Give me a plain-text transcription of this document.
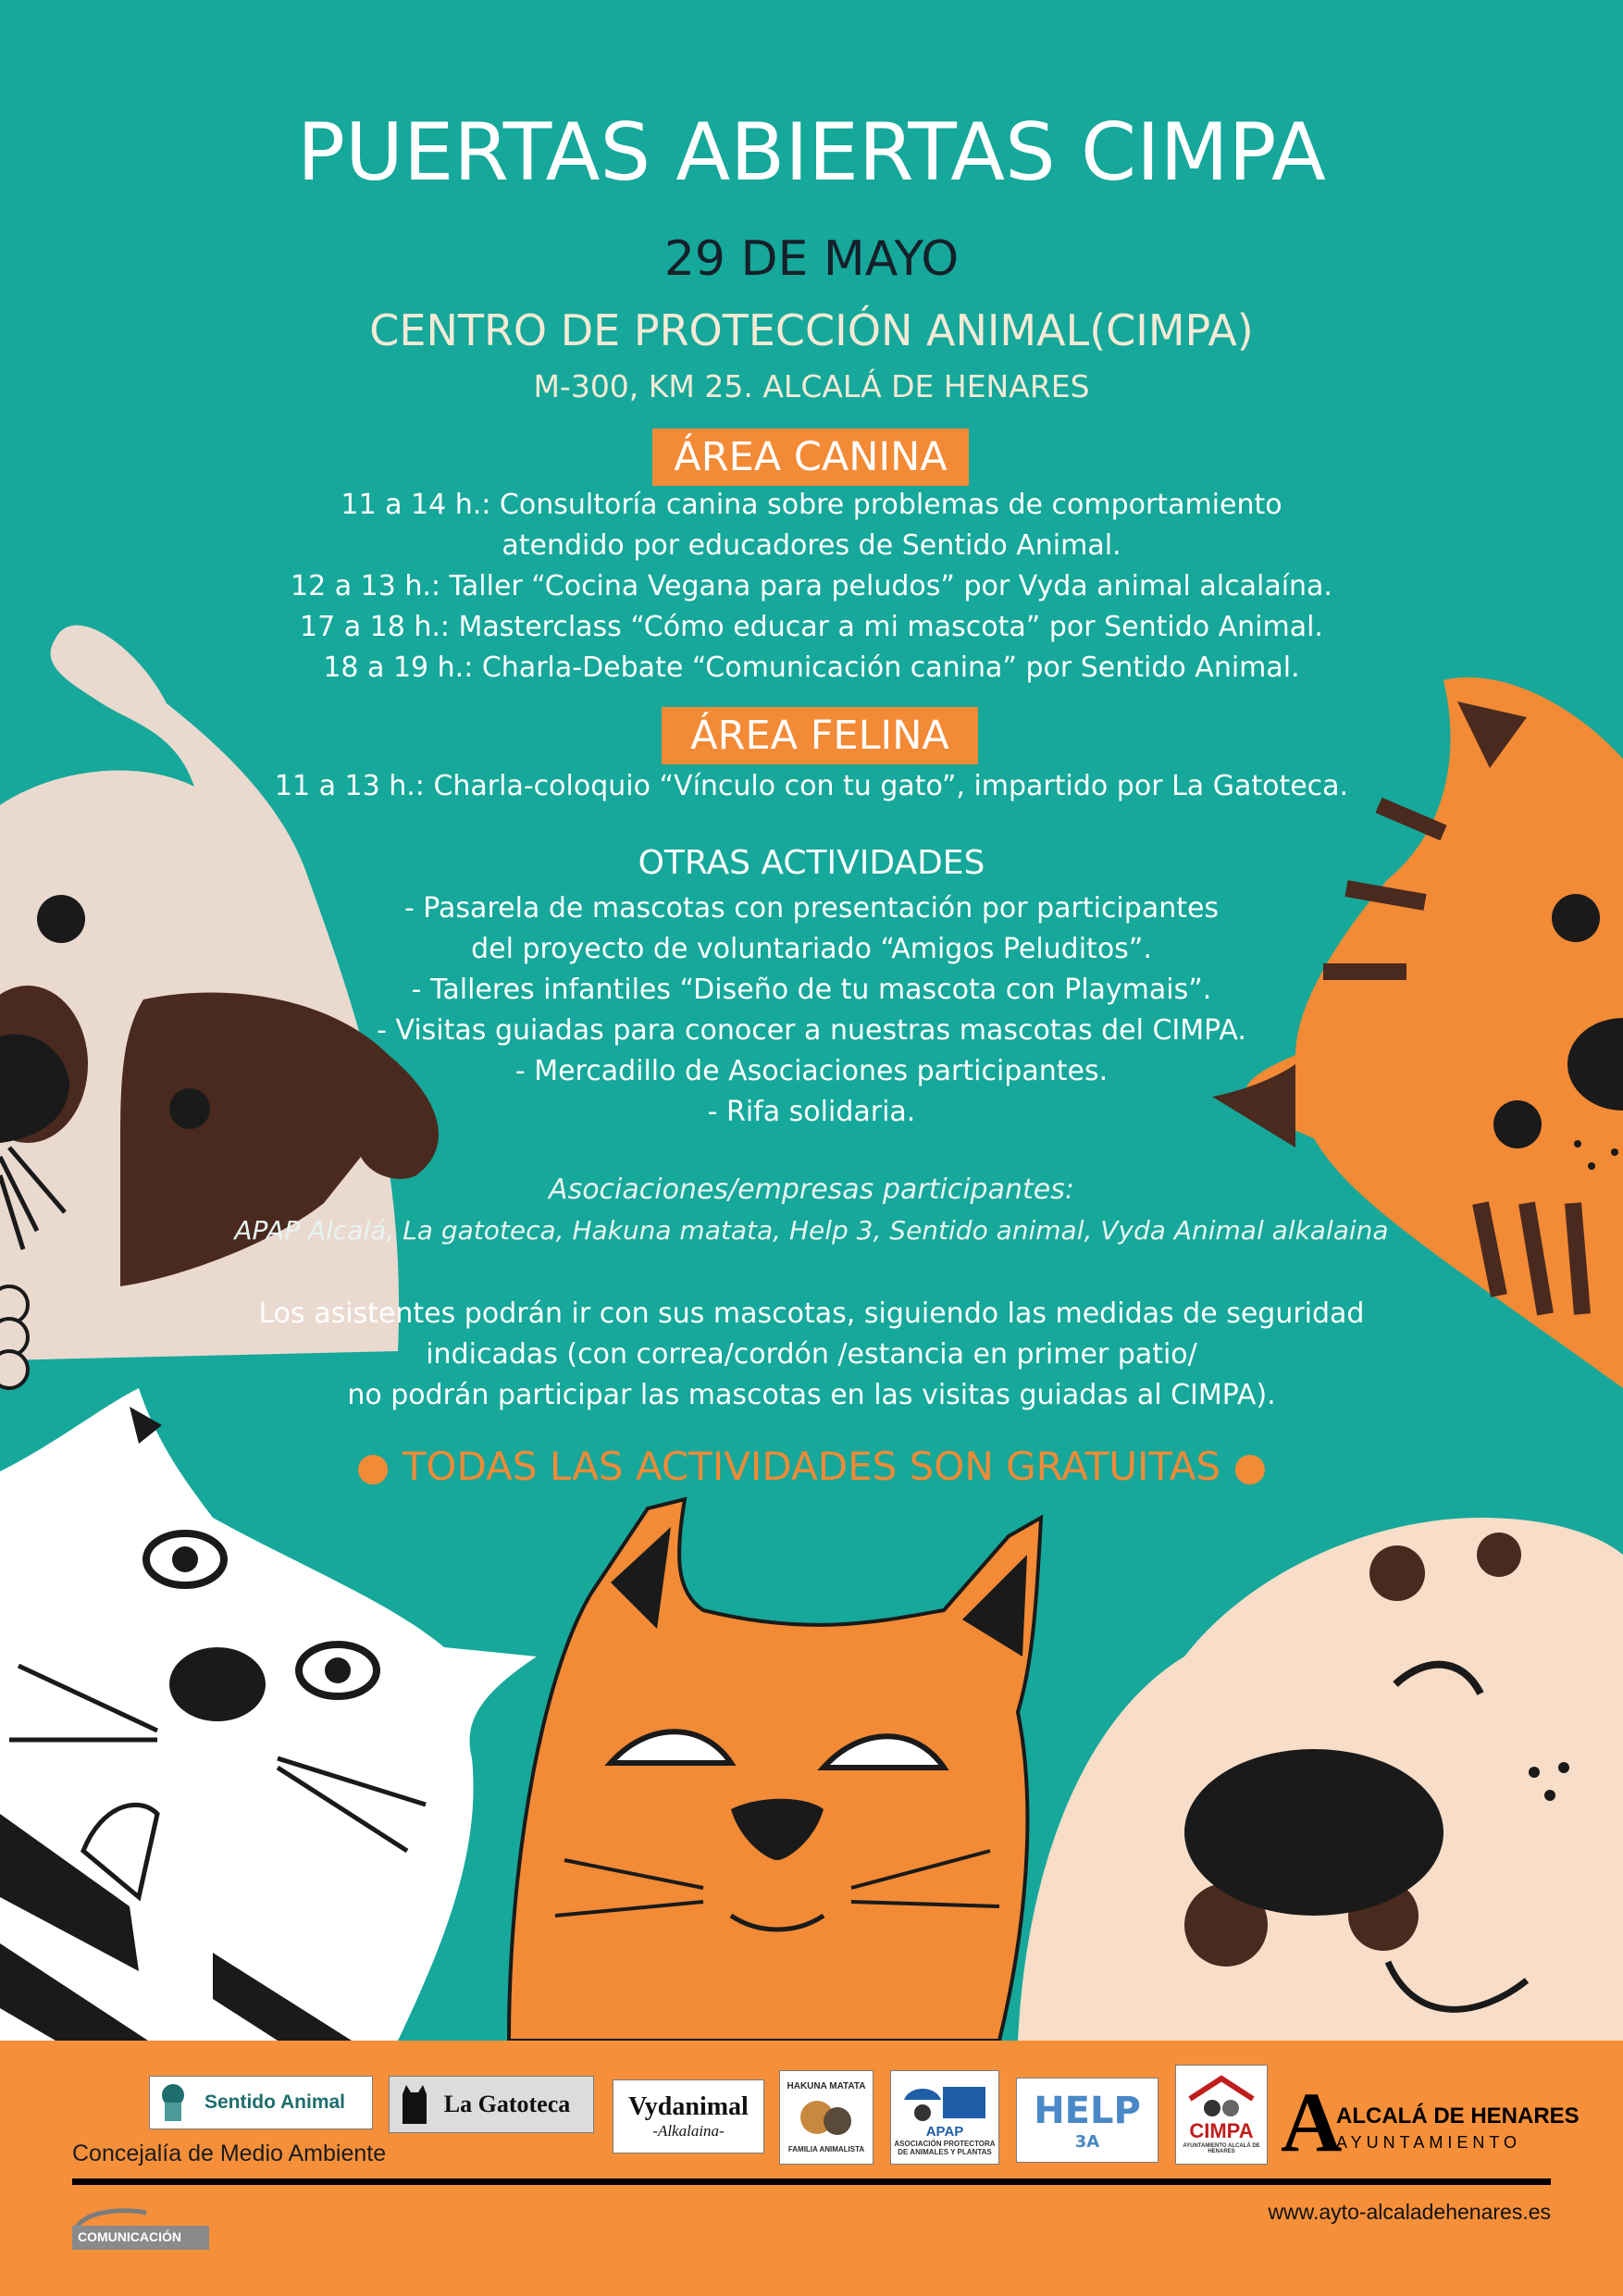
PUERTAS ABIERTAS CIMPA
29 DE MAYO
CENTRO DE PROTECCIÓN ANIMAL(CIMPA)
M-300, KM 25. ALCALÁ DE HENARES
ÁREA CANINA
11 a 14 h.: Consultoría canina sobre problemas de comportamiento
atendido por educadores de Sentido Animal.
12 a 13 h.: Taller “Cocina Vegana para peludos” por Vyda animal alcalaína.
17 a 18 h.: Masterclass “Cómo educar a mi mascota” por Sentido Animal.
18 a 19 h.: Charla-Debate “Comunicación canina” por Sentido Animal.
ÁREA FELINA
11 a 13 h.: Charla-coloquio “Vínculo con tu gato”, impartido por La Gatoteca.
OTRAS ACTIVIDADES
- Pasarela de mascotas con presentación por participantes
del proyecto de voluntariado “Amigos Peluditos”.
- Talleres infantiles “Diseño de tu mascota con Playmais”.
- Visitas guiadas para conocer a nuestras mascotas del CIMPA.
- Mercadillo de Asociaciones participantes.
- Rifa solidaria.
Asociaciones/empresas participantes:
APAP Alcalá, La gatoteca, Hakuna matata, Help 3, Sentido animal, Vyda Animal alkalaina
Los asistentes podrán ir con sus mascotas, siguiendo las medidas de seguridad
indicadas (con correa/cordón /estancia en primer patio/
no podrán participar las mascotas en las visitas guiadas al CIMPA).
● TODAS LAS ACTIVIDADES SON GRATUITAS ●
Sentido Animal	La Gatoteca Vydanimal
-Alkalaina-
HAKUNA MATATA
FAMILIA ANIMALISTA
APAP
ASOCIACIÓN PROTECTORA DE ANIMALES Y PLANTAS
HELP
3A	CIMPA
AYUNTAMIENTO ALCALÁ DE HENARES A
ALCALÁ DE HENARES
AYUNTAMIENTO
Concejalía de Medio Ambiente
COMUNICACIÓN
www.ayto-alcaladehenares.es
